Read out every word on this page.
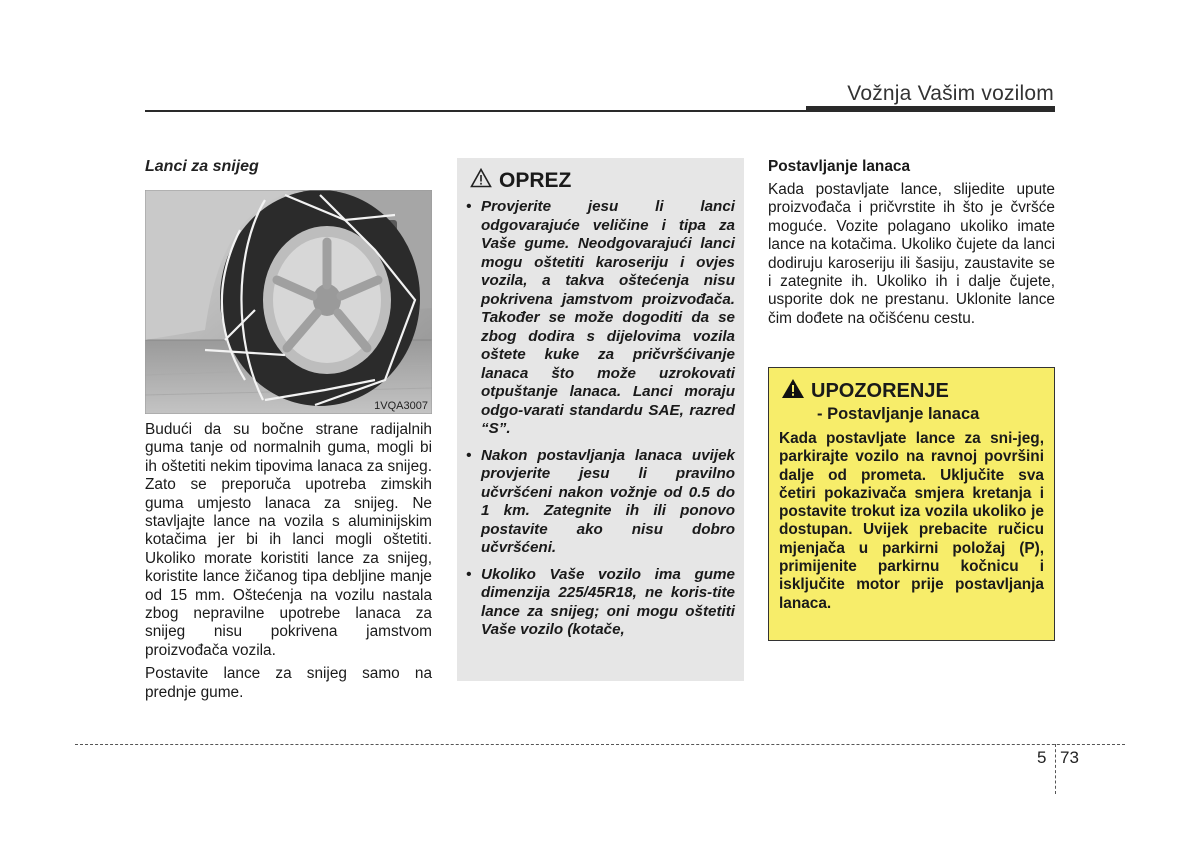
Vožnja Vašim vozilom
Lanci za snijeg
1VQA3007

Budući da su bočne strane radijalnih guma tanje od normalnih guma, mogli bi ih oštetiti nekim tipovima lanaca za snijeg. Zato se preporuča upotreba zimskih guma umjesto lanaca za snijeg. Ne stavljajte lance na vozila s aluminijskim kotačima jer bi ih lanci mogli oštetiti. Ukoliko morate koristiti lance za snijeg, koristite lance žičanog tipa debljine manje od 15 mm. Oštećenja na vozilu nastala zbog nepravilne upotrebe lanaca za snijeg nisu pokrivena jamstvom proizvođača vozila.

Postavite lance za snijeg samo na prednje gume.

OPREZ
• Provjerite jesu li lanci odgovarajuće veličine i tipa za Vaše gume. Neodgovarajući lanci mogu oštetiti karoseriju i ovjes vozila, a takva oštećenja nisu pokrivena jamstvom proizvođača. Također se može dogoditi da se zbog dodira s dijelovima vozila oštete kuke za pričvršćivanje lanaca što može uzrokovati otpuštanje lanaca. Lanci moraju odgo-varati standardu SAE, razred “S”.
• Nakon postavljanja lanaca uvijek provjerite jesu li pravilno učvršćeni nakon vožnje od 0.5 do 1 km. Zategnite ih ili ponovo postavite ako nisu dobro učvršćeni.
• Ukoliko Vaše vozilo ima gume dimenzija 225/45R18, ne koris-tite lance za snijeg; oni mogu oštetiti Vaše vozilo (kotače,
Postavljanje lanaca

Kada postavljate lance, slijedite upute proizvođača i pričvrstite ih što je čvršće moguće. Vozite polagano ukoliko imate lance na kotačima. Ukoliko čujete da lanci dodiruju karoseriju ili šasiju, zaustavite se i zategnite ih. Ukoliko ih i dalje čujete, usporite dok ne prestanu. Uklonite lance čim dođete na očišćenu cestu.

UPOZORENJE
- Postavljanje lanaca

Kada postavljate lance za sni-jeg, parkirajte vozilo na ravnoj površini dalje od prometa. Uključite sva četiri pokazivača smjera kretanja i postavite trokut iza vozila ukoliko je dostupan. Uvijek prebacite ručicu mjenjača u parkirni položaj (P), primijenite parkirnu kočnicu i isključite motor prije postavljanja lanaca.

5 73
